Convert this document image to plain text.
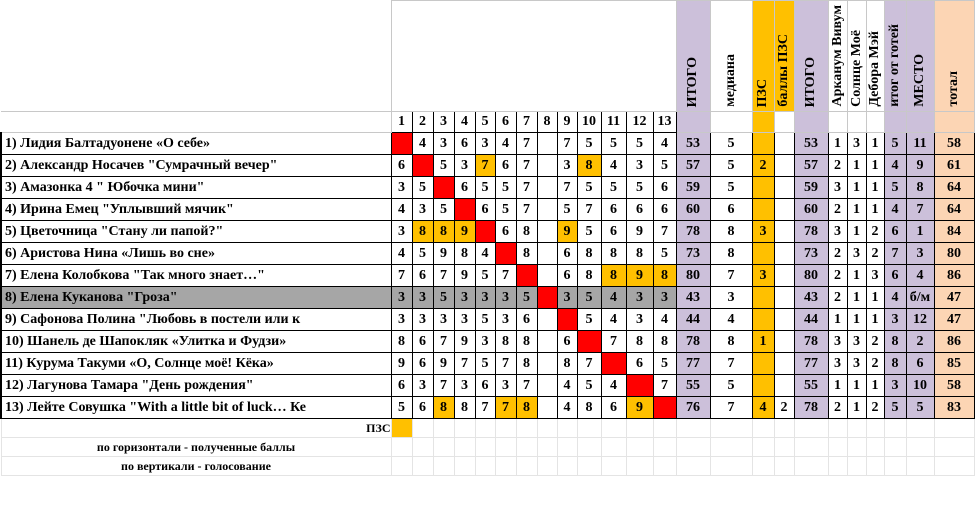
														ИТОГО	медиана	ПЗС	баллы ПЗС	ИТОГО	Арканум Вивум	Солнце Моё	Дебора Мэй	итог от готей	МЕСТО	тотал
	1	2	3	4	5	6	7	8	9	10	11	12	13											
1) Лидия Балтадуонене «О себе»		4	3	6	3	4	7		7	5	5	5	4	53	5			53	1	3	1	5	11	58
2) Александр Носачев "Сумрачный вечер"	6		5	3	7	6	7		3	8	4	3	5	57	5	2		57	2	1	1	4	9	61
3) Амазонка 4 " Юбочка мини"	3	5		6	5	5	7		7	5	5	5	6	59	5			59	3	1	1	5	8	64
4) Ирина Емец "Уплывший мячик"	4	3	5		6	5	7		5	7	6	6	6	60	6			60	2	1	1	4	7	64
5) Цветочница "Стану ли папой?"	3	8	8	9		6	8		9	5	6	9	7	78	8	3		78	3	1	2	6	1	84
6) Аристова Нина «Лишь во сне»	4	5	9	8	4		8		6	8	8	8	5	73	8			73	2	3	2	7	3	80
7) Елена Колобкова "Так много знает…"	7	6	7	9	5	7			6	8	8	9	8	80	7	3		80	2	1	3	6	4	86
8) Елена Куканова "Гроза"	3	3	5	3	3	3	5		3	5	4	3	3	43	3			43	2	1	1	4	б/м	47
9) Сафонова Полина "Любовь в постели или к	3	3	3	3	5	3	6			5	4	3	4	44	4			44	1	1	1	3	12	47
10) Шанель де Шапокляк «Улитка и Фудзи»	8	6	7	9	3	8	8		6		7	8	8	78	8	1		78	3	3	2	8	2	86
11) Курума Такуми «О, Солнце моё! Кёка»	9	6	9	7	5	7	8		8	7		6	5	77	7			77	3	3	2	8	6	85
12) Лагунова Тамара "День рождения"	6	3	7	3	6	3	7		4	5	4		7	55	5			55	1	1	1	3	10	58
13) Лейте Совушка "With a little bit of luck… Ке	5	6	8	8	7	7	8		4	8	6	9		76	7	4	2	78	2	1	2	5	5	83
ПЗС																								
по горизонтали - полученные баллы																								
по вертикали - голосование																								
